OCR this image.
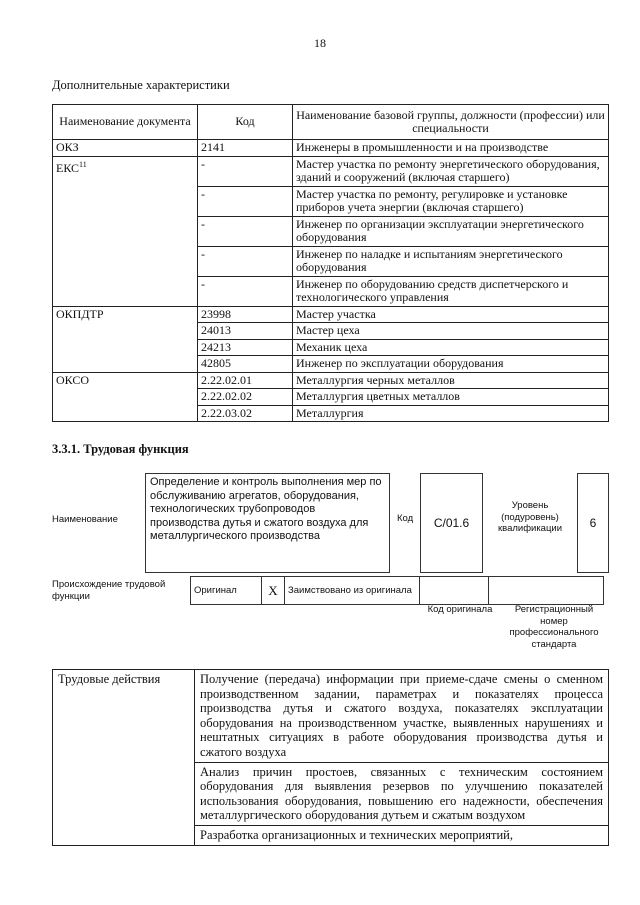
18
Дополнительные характеристики
Наименование документа	Код	Наименование базовой группы, должности (профессии) или специальности
ОКЗ	2141	Инженеры в промышленности и на производстве
ЕКС$^{11}$	-	Мастер участка по ремонту энергетического оборудования, зданий и сооружений (включая старшего)
	-	Мастер участка по ремонту, регулировке и установке приборов учета энергии (включая старшего)
	-	Инженер по организации эксплуатации энергетического оборудования
	-	Инженер по наладке и испытаниям энергетического оборудования
	-	Инженер по оборудованию средств диспетчерского и технологического управления
ОКПДТР	23998	Мастер участка
	24013	Мастер цеха
	24213	Механик цеха
	42805	Инженер по эксплуатации оборудования
ОКСО	2.22.02.01	Металлургия черных металлов
	2.22.02.02	Металлургия цветных металлов
	2.22.03.02	Металлургия
3.3.1. Трудовая функция
Наименование
Определение и контроль выполнения мер по обслуживанию агрегатов, оборудования, технологических трубопроводов производства дутья и сжатого воздуха для металлургического производства
Код	С/01.6
Уровень (подуровень) квалификации	6
Происхождение трудовой функции	Оригинал	X	Заимствовано из оригинала		
Код оригинала	Регистрационный номер профессионального стандарта
Трудовые действия	Получение (передача) информации при приеме-сдаче смены о сменном производственном задании, параметрах и показателях процесса производства дутья и сжатого воздуха, показателях эксплуатации оборудования на производственном участке, выявленных нарушениях и нештатных ситуациях в работе оборудования производства дутья и сжатого воздуха
Анализ причин простоев, связанных с техническим состоянием оборудования для выявления резервов по улучшению показателей использования оборудования, повышению его надежности, обеспечения металлургического оборудования дутьем и сжатым воздухом
Разработка организационных и технических мероприятий,
